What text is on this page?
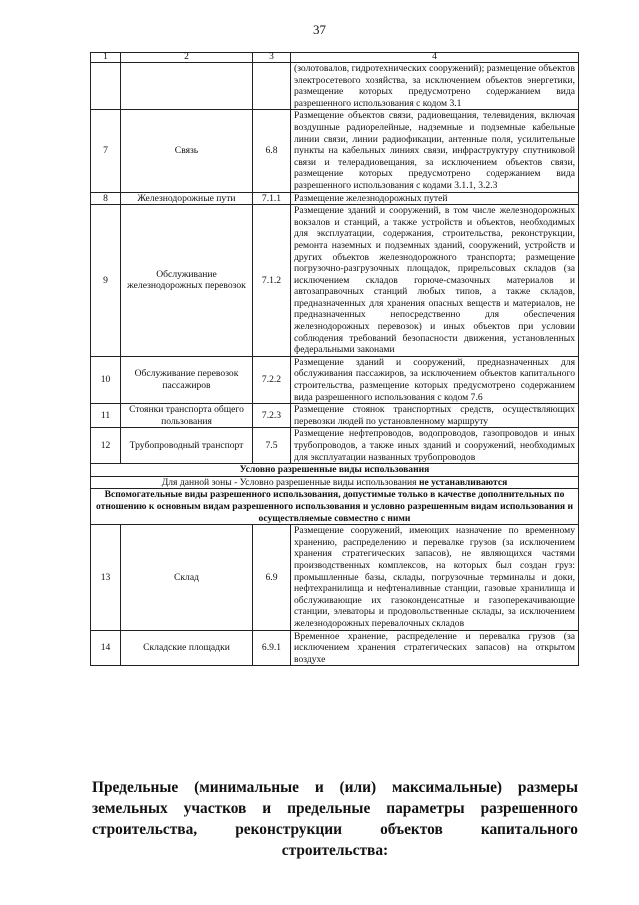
37
1	2	3	4
			(золотовалов, гидротехнических сооружений); размещение объектов электросетевого хозяйства, за исключением объектов энергетики, размещение которых предусмотрено содержанием вида разрешенного использования с кодом 3.1
7	Связь	6.8	Размещение объектов связи, радиовещания, телевидения, включая воздушные радиорелейные, надземные и подземные кабельные линии связи, линии радиофикации, антенные поля, усилительные пункты на кабельных линиях связи, инфраструктуру спутниковой связи и телерадиовещания, за исключением объектов связи, размещение которых предусмотрено содержанием вида разрешенного использования с кодами 3.1.1, 3.2.3
8	Железнодорожные пути	7.1.1	Размещение железнодорожных путей
9	Обслуживание железнодорожных перевозок	7.1.2	Размещение зданий и сооружений, в том числе железнодорожных вокзалов и станций, а также устройств и объектов, необходимых для эксплуатации, содержания, строительства, реконструкции, ремонта наземных и подземных зданий, сооружений, устройств и других объектов железнодорожного транспорта; размещение погрузочно-разгрузочных площадок, прирельсовых складов (за исключением складов горюче-смазочных материалов и автозаправочных станций любых типов, а также складов, предназначенных для хранения опасных веществ и материалов, не предназначенных непосредственно для обеспечения железнодорожных перевозок) и иных объектов при условии соблюдения требований безопасности движения, установленных федеральными законами
10	Обслуживание перевозок пассажиров	7.2.2	Размещение зданий и сооружений, предназначенных для обслуживания пассажиров, за исключением объектов капитального строительства, размещение которых предусмотрено содержанием вида разрешенного использования с кодом 7.6
11	Стоянки транспорта общего пользования	7.2.3	Размещение стоянок транспортных средств, осуществляющих перевозки людей по установленному маршруту
12	Трубопроводный транспорт	7.5	Размещение нефтепроводов, водопроводов, газопроводов и иных трубопроводов, а также иных зданий и сооружений, необходимых для эксплуатации названных трубопроводов
Условно разрешенные виды использования			
Для данной зоны - Условно разрешенные виды использования не устанавливаются			
Вспомогательные виды разрешенного использования, допустимые только в качестве дополнительных по отношению к основным видам разрешенного использования и условно разрешенным видам использования и осуществляемые совместно с ними			
13	Склад	6.9	Размещение сооружений, имеющих назначение по временному хранению, распределению и перевалке грузов (за исключением хранения стратегических запасов), не являющихся частями производственных комплексов, на которых был создан груз: промышленные базы, склады, погрузочные терминалы и доки, нефтехранилища и нефтеналивные станции, газовые хранилища и обслуживающие их газоконденсатные и газоперекачивающие станции, элеваторы и продовольственные склады, за исключением железнодорожных перевалочных складов
14	Складские площадки	6.9.1	Временное хранение, распределение и перевалка грузов (за исключением хранения стратегических запасов) на открытом воздухе
Предельные (минимальные и (или) максимальные) размеры земельных участков и предельные параметры разрешенного строительства, реконструкции объектов капитального строительства:
